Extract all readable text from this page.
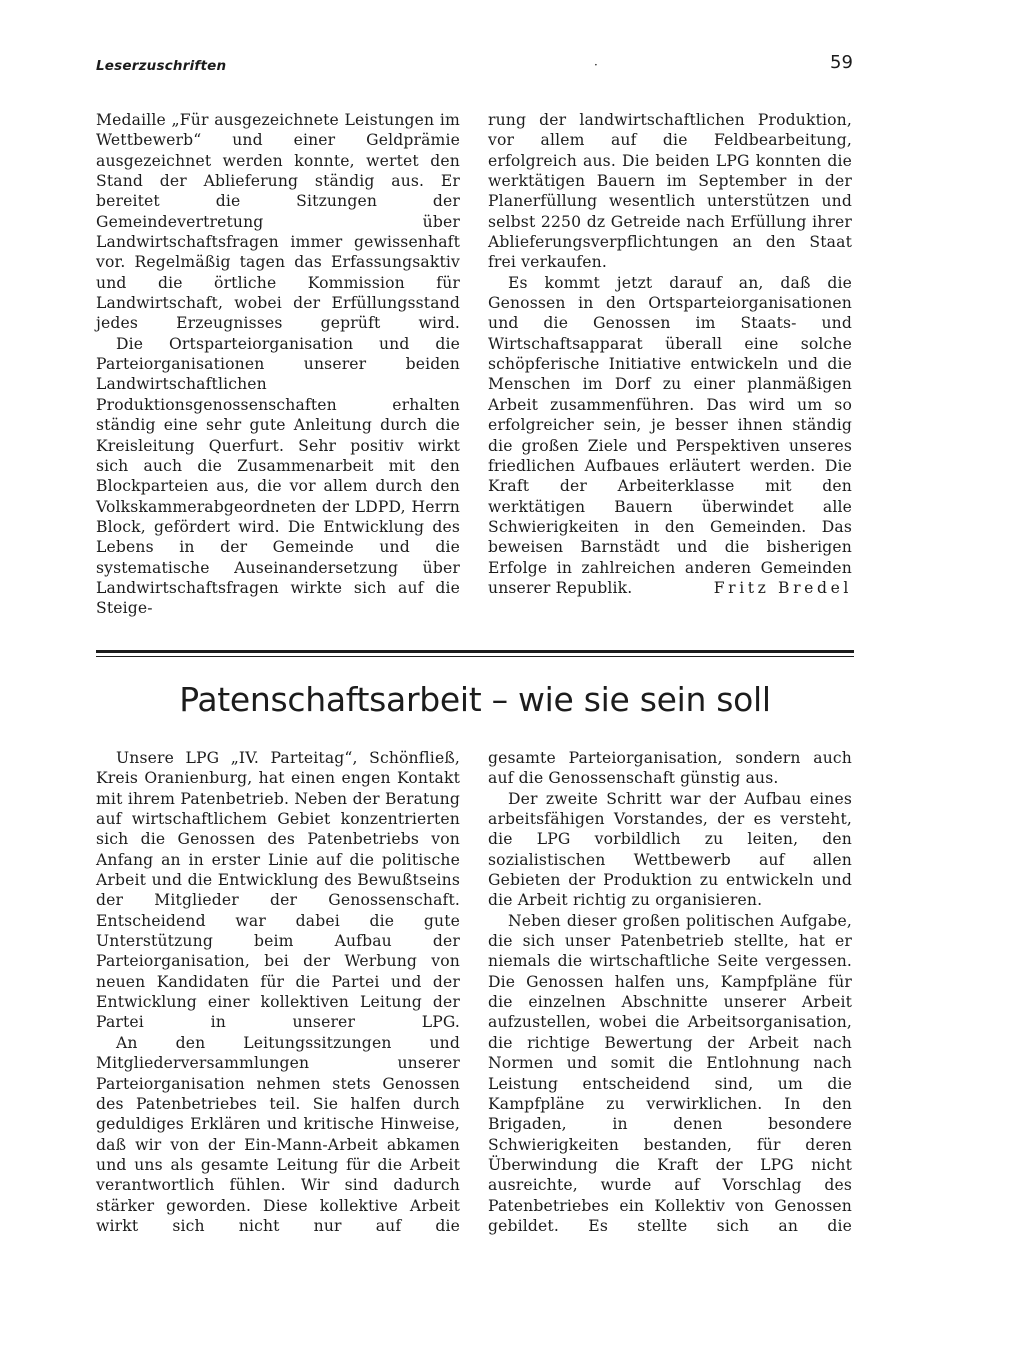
Leserzuschriften	·	59

Medaille „Für ausgezeichnete Leistungen im Wettbewerb“ und einer Geldprämie ausgezeichnet werden konnte, wertet den Stand der Ablieferung ständig aus. Er bereitet die Sitzungen der Gemeindevertretung über Landwirtschaftsfragen immer gewissenhaft vor. Regelmäßig tagen das Erfassungsaktiv und die örtliche Kommission für Landwirtschaft, wobei der Erfüllungsstand jedes Erzeugnisses geprüft wird.

Die Ortsparteiorganisation und die Parteiorganisationen unserer beiden Landwirtschaftlichen Produktionsgenossenschaften erhalten ständig eine sehr gute Anleitung durch die Kreisleitung Querfurt. Sehr positiv wirkt sich auch die Zusammenarbeit mit den Blockparteien aus, die vor allem durch den Volkskammerabgeordneten der LDPD, Herrn Block, gefördert wird. Die Entwicklung des Lebens in der Gemeinde und die systematische Auseinandersetzung über Landwirtschaftsfragen wirkte sich auf die Steige-

rung der landwirtschaftlichen Produktion, vor allem auf die Feldbearbeitung, erfolgreich aus. Die beiden LPG konnten die werktätigen Bauern im September in der Planerfüllung wesentlich unterstützen und selbst 2250 dz Getreide nach Erfüllung ihrer Ablieferungsverpflichtungen an den Staat frei verkaufen.

Es kommt jetzt darauf an, daß die Genossen in den Ortsparteiorganisationen und die Genossen im Staats- und Wirtschaftsapparat überall eine solche schöpferische Initiative entwickeln und die Menschen im Dorf zu einer planmäßigen Arbeit zusammenführen. Das wird um so erfolgreicher sein, je besser ihnen ständig die großen Ziele und Perspektiven unseres friedlichen Aufbaues erläutert werden. Die Kraft der Arbeiterklasse mit den werktätigen Bauern überwindet alle Schwierigkeiten in den Gemeinden. Das beweisen Barnstädt und die bisherigen Erfolge in zahlreichen anderen Gemeinden

unserer Republik.	Fritz Bredel
Patenschaftsarbeit – wie sie sein soll

Unsere LPG „IV. Parteitag“, Schönfließ, Kreis Oranienburg, hat einen engen Kontakt mit ihrem Patenbetrieb. Neben der Beratung auf wirtschaftlichem Gebiet konzentrierten sich die Genossen des Patenbetriebs von Anfang an in erster Linie auf die politische Arbeit und die Entwicklung des Bewußtseins der Mitglieder der Genossenschaft. Entscheidend war dabei die gute Unterstützung beim Aufbau der Parteiorganisation, bei der Werbung von neuen Kandidaten für die Partei und der Entwicklung einer kollektiven Leitung der Partei in unserer LPG.

An den Leitungssitzungen und Mitgliederversammlungen unserer Parteiorganisation nehmen stets Genossen des Patenbetriebes teil. Sie halfen durch geduldiges Erklären und kritische Hinweise, daß wir von der Ein-Mann-Arbeit abkamen und uns als gesamte Leitung für die Arbeit verantwortlich fühlen. Wir sind dadurch stärker geworden. Diese kollektive Arbeit wirkt sich nicht nur auf die

gesamte Parteiorganisation, sondern auch auf die Genossenschaft günstig aus.

Der zweite Schritt war der Aufbau eines arbeitsfähigen Vorstandes, der es versteht, die LPG vorbildlich zu leiten, den sozialistischen Wettbewerb auf allen Gebieten der Produktion zu entwickeln und die Arbeit richtig zu organisieren.

Neben dieser großen politischen Aufgabe, die sich unser Patenbetrieb stellte, hat er niemals die wirtschaftliche Seite vergessen. Die Genossen halfen uns, Kampfpläne für die einzelnen Abschnitte unserer Arbeit aufzustellen, wobei die Arbeitsorganisation, die richtige Bewertung der Arbeit nach Normen und somit die Entlohnung nach Leistung entscheidend sind, um die Kampfpläne zu verwirklichen. In den Brigaden, in denen besondere Schwierigkeiten bestanden, für deren Überwindung die Kraft der LPG nicht ausreichte, wurde auf Vorschlag des Patenbetriebes ein Kollektiv von Genossen gebildet. Es stellte sich an die
